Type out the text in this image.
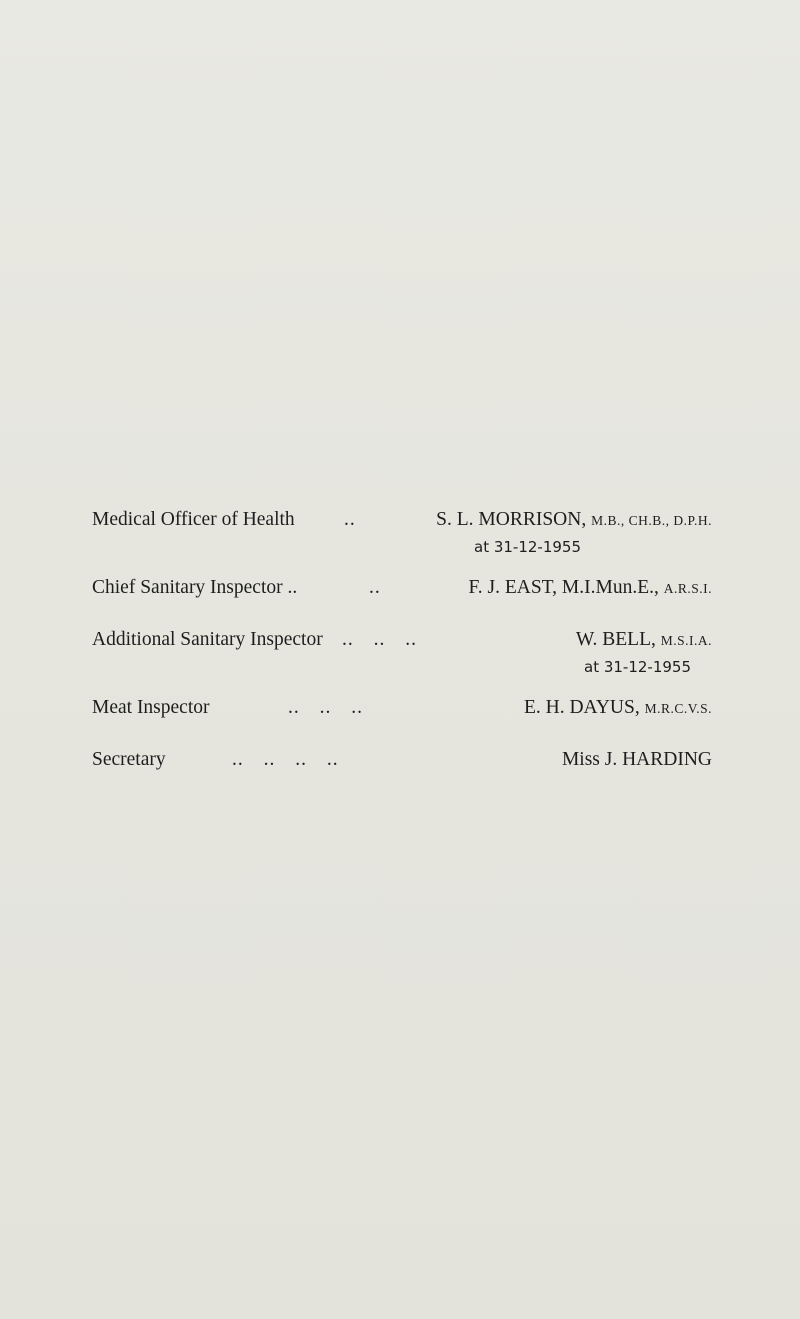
Medical Officer of Health	..	S. L. MORRISON, M.B., CH.B., D.P.H.
at 31-12-1955
Chief Sanitary Inspector ..	..	F. J. EAST, M.I.Mun.E., A.R.S.I.
Additional Sanitary Inspector .. .. ..	W. BELL, M.S.I.A.
at 31-12-1955
Meat Inspector	.. .. ..	E. H. DAYUS, M.R.C.V.S.
Secretary	.. .. .. ..	Miss J. HARDING
